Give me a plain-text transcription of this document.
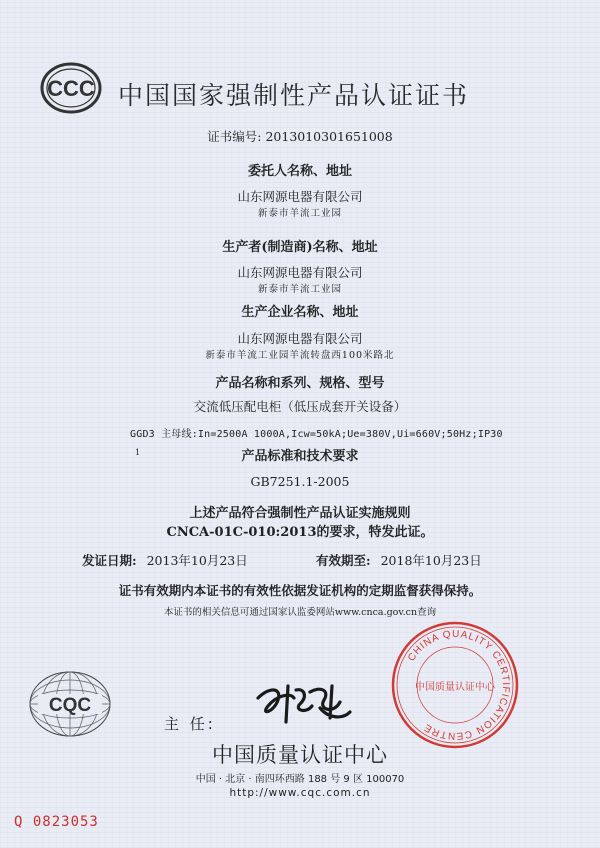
CCC 中国国家强制性产品认证证书
证书编号: 2013010301651008
委托人名称、地址
山东网源电器有限公司
新泰市羊流工业园
生产者(制造商)名称、地址
山东网源电器有限公司
新泰市羊流工业园
生产企业名称、地址
山东网源电器有限公司
新泰市羊流工业园羊流转盘西100米路北
产品名称和系列、规格、型号
交流低压配电柜（低压成套开关设备）
GGD3 主母线:In=2500A 1000A,Icw=50kA;Ue=380V,Ui=660V;50Hz;IP30
1	产品标准和技术要求
GB7251.1-2005
上述产品符合强制性产品认证实施规则
CNCA-01C-010:2013的要求，特发此证。
发证日期: 2013年10月23日	有效期至: 2018年10月23日
证书有效期内本证书的有效性依据发证机构的定期监督获得保持。
本证书的相关信息可通过国家认监委网站www.cnca.gov.cn查询
CQC
主 任:
CHINA QUALITY CERTIFICATION CENTRE
中国质量认证中心
中国质量认证中心
中国 · 北京 · 南四环西路 188 号 9 区 100070
http://www.cqc.com.cn
Q 0823053
